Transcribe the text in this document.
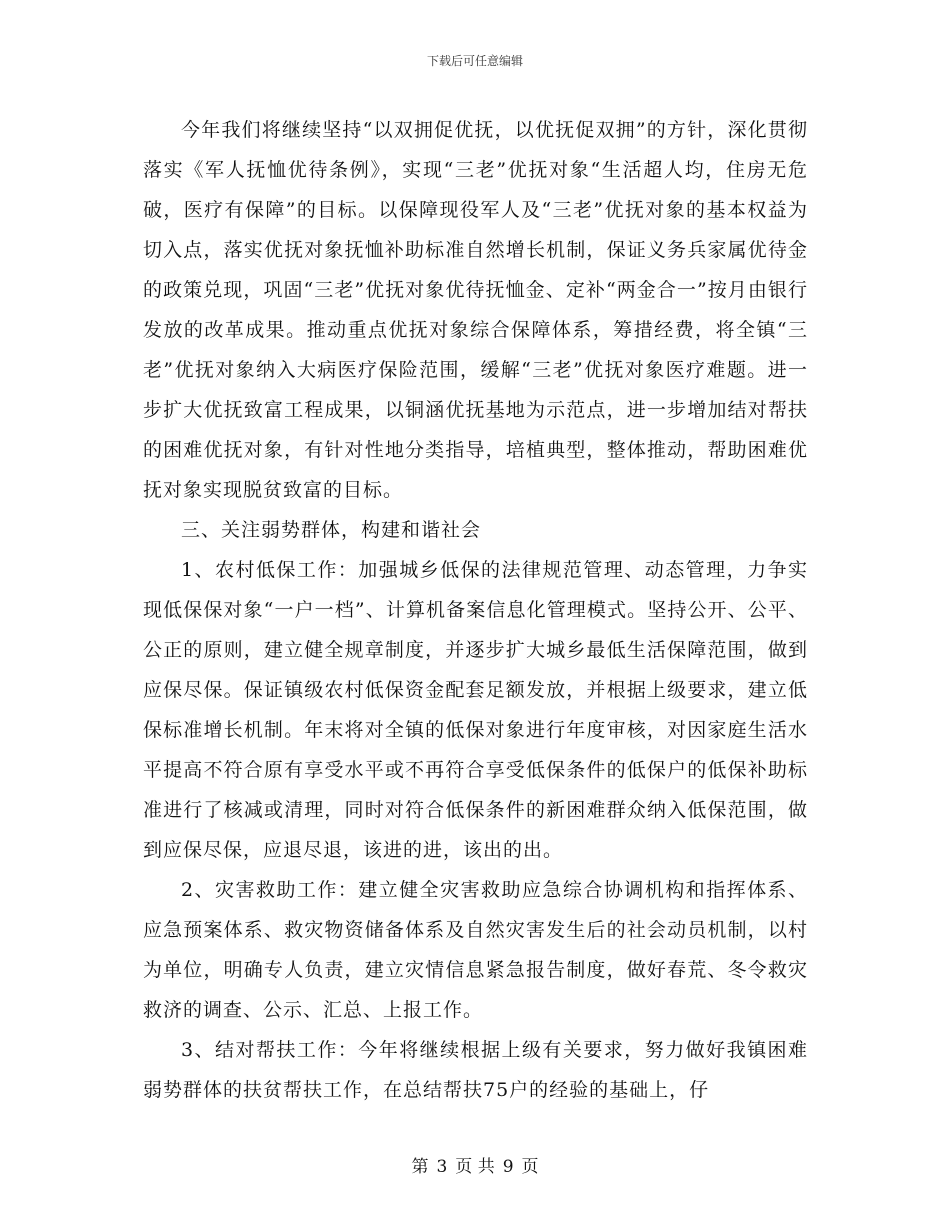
下载后可任意编辑

今年我们将继续坚持“以双拥促优抚，以优抚促双拥”的方针，深化贯彻落实《军人抚恤优待条例》，实现“三老”优抚对象“生活超人均，住房无危破，医疗有保障”的目标。以保障现役军人及“三老”优抚对象的基本权益为切入点，落实优抚对象抚恤补助标准自然增长机制，保证义务兵家属优待金的政策兑现，巩固“三老”优抚对象优待抚恤金、定补“两金合一”按月由银行发放的改革成果。推动重点优抚对象综合保障体系，筹措经费，将全镇“三老”优抚对象纳入大病医疗保险范围，缓解“三老”优抚对象医疗难题。进一步扩大优抚致富工程成果，以铜涵优抚基地为示范点，进一步增加结对帮扶的困难优抚对象，有针对性地分类指导，培植典型，整体推动，帮助困难优抚对象实现脱贫致富的目标。

三、关注弱势群体，构建和谐社会

1、农村低保工作：加强城乡低保的法律规范管理、动态管理，力争实现低保保对象“一户一档”、计算机备案信息化管理模式。坚持公开、公平、公正的原则，建立健全规章制度，并逐步扩大城乡最低生活保障范围，做到应保尽保。保证镇级农村低保资金配套足额发放，并根据上级要求，建立低保标准增长机制。年末将对全镇的低保对象进行年度审核，对因家庭生活水平提高不符合原有享受水平或不再符合享受低保条件的低保户的低保补助标准进行了核减或清理，同时对符合低保条件的新困难群众纳入低保范围，做到应保尽保，应退尽退，该进的进，该出的出。

2、灾害救助工作：建立健全灾害救助应急综合协调机构和指挥体系、应急预案体系、救灾物资储备体系及自然灾害发生后的社会动员机制，以村为单位，明确专人负责，建立灾情信息紧急报告制度，做好春荒、冬令救灾救济的调查、公示、汇总、上报工作。

3、结对帮扶工作：今年将继续根据上级有关要求，努力做好我镇困难弱势群体的扶贫帮扶工作，在总结帮扶75户的经验的基础上，仔

第 3 页 共 9 页
